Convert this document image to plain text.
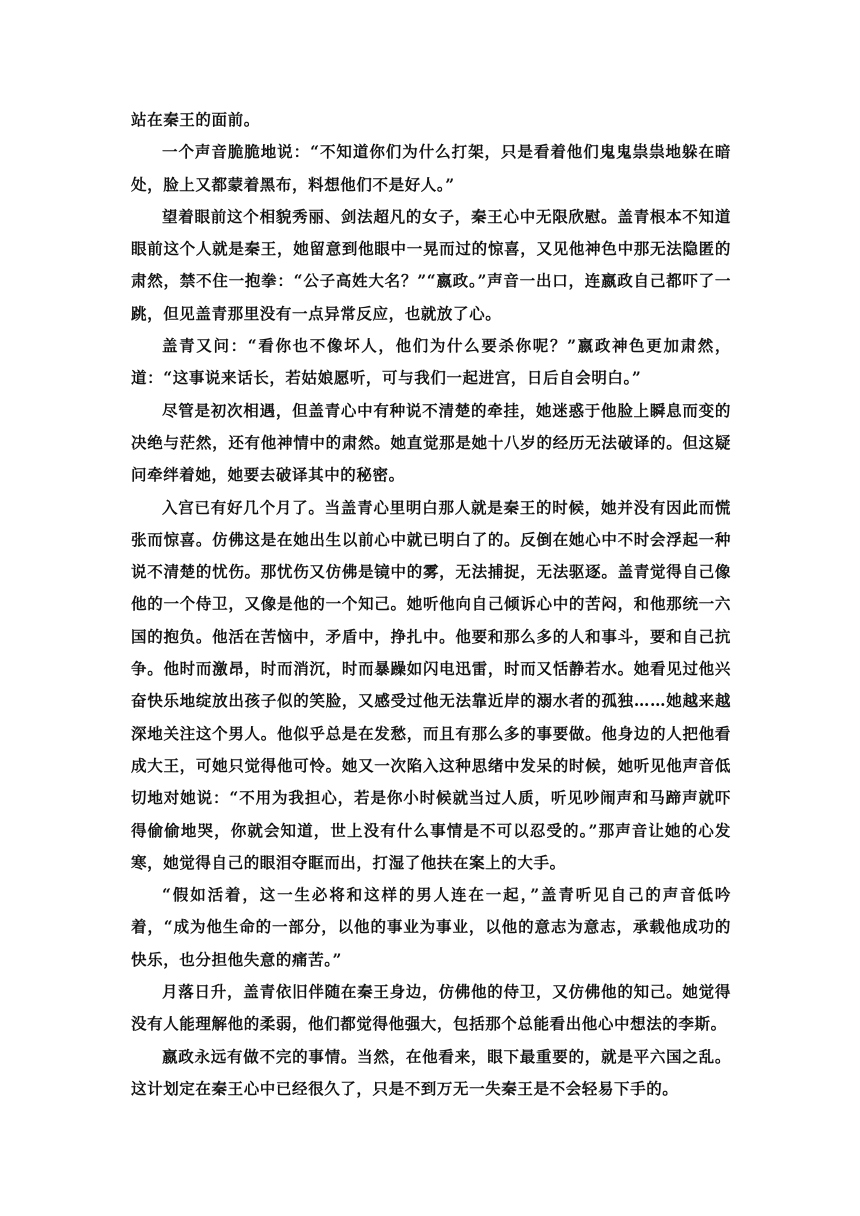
站在秦王的面前。

一个声音脆脆地说：“不知道你们为什么打架，只是看着他们鬼鬼祟祟地躲在暗处，脸上又都蒙着黑布，料想他们不是好人。”

望着眼前这个相貌秀丽、剑法超凡的女子，秦王心中无限欣慰。盖青根本不知道眼前这个人就是秦王，她留意到他眼中一晃而过的惊喜，又见他神色中那无法隐匿的肃然，禁不住一抱拳：“公子高姓大名？”“嬴政。”声音一出口，连嬴政自己都吓了一跳，但见盖青那里没有一点异常反应，也就放了心。

盖青又问：“看你也不像坏人，他们为什么要杀你呢？”嬴政神色更加肃然，道：“这事说来话长，若姑娘愿听，可与我们一起进宫，日后自会明白。”

尽管是初次相遇，但盖青心中有种说不清楚的牵挂，她迷惑于他脸上瞬息而变的决绝与茫然，还有他神情中的肃然。她直觉那是她十八岁的经历无法破译的。但这疑问牵绊着她，她要去破译其中的秘密。

入宫已有好几个月了。当盖青心里明白那人就是秦王的时候，她并没有因此而慌张而惊喜。仿佛这是在她出生以前心中就已明白了的。反倒在她心中不时会浮起一种说不清楚的忧伤。那忧伤又仿佛是镜中的雾，无法捕捉，无法驱逐。盖青觉得自己像他的一个侍卫，又像是他的一个知己。她听他向自己倾诉心中的苦闷，和他那统一六国的抱负。他活在苦恼中，矛盾中，挣扎中。他要和那么多的人和事斗，要和自己抗争。他时而激昂，时而消沉，时而暴躁如闪电迅雷，时而又恬静若水。她看见过他兴奋快乐地绽放出孩子似的笑脸，又感受过他无法靠近岸的溺水者的孤独……她越来越深地关注这个男人。他似乎总是在发愁，而且有那么多的事要做。他身边的人把他看成大王，可她只觉得他可怜。她又一次陷入这种思绪中发呆的时候，她听见他声音低切地对她说：“不用为我担心，若是你小时候就当过人质，听见吵闹声和马蹄声就吓得偷偷地哭，你就会知道，世上没有什么事情是不可以忍受的。”那声音让她的心发寒，她觉得自己的眼泪夺眶而出，打湿了他扶在案上的大手。

“假如活着，这一生必将和这样的男人连在一起，”盖青听见自己的声音低吟着，“成为他生命的一部分，以他的事业为事业，以他的意志为意志，承载他成功的快乐，也分担他失意的痛苦。”

月落日升，盖青依旧伴随在秦王身边，仿佛他的侍卫，又仿佛他的知己。她觉得没有人能理解他的柔弱，他们都觉得他强大，包括那个总能看出他心中想法的李斯。

嬴政永远有做不完的事情。当然，在他看来，眼下最重要的，就是平六国之乱。这计划定在秦王心中已经很久了，只是不到万无一失秦王是不会轻易下手的。
